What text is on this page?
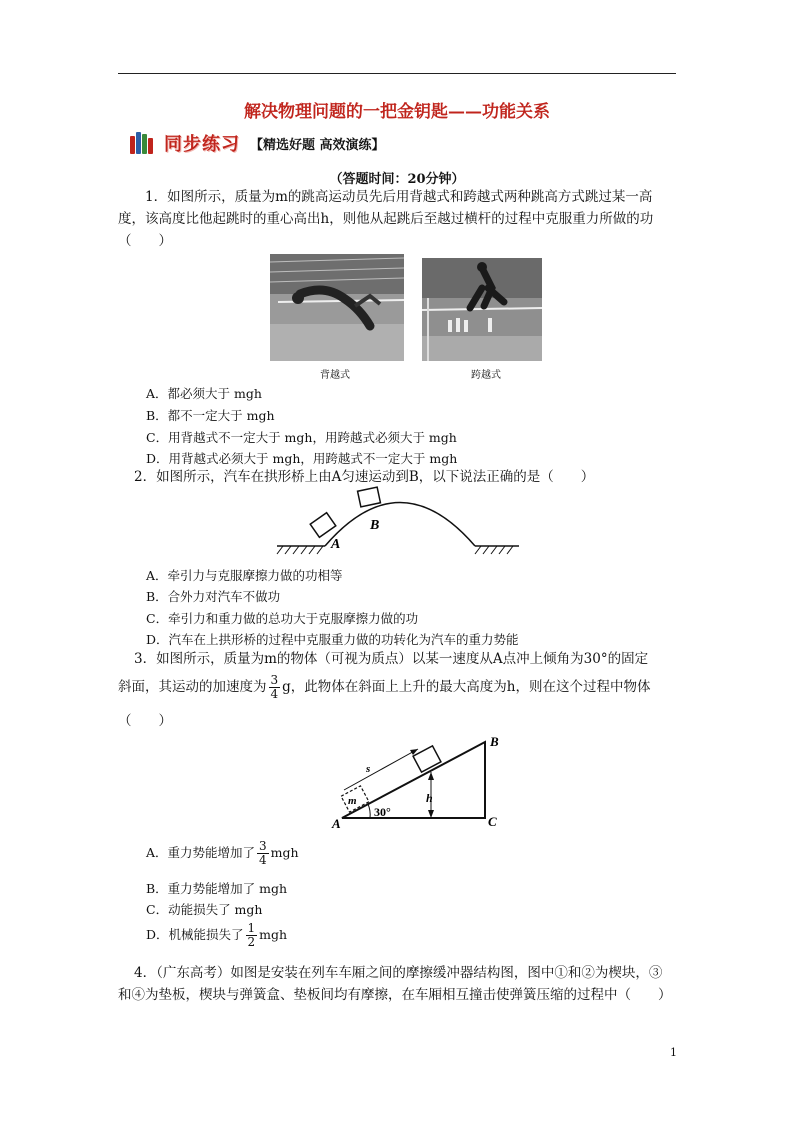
解决物理问题的一把金钥匙——功能关系
同步练习 【精选好题 高效演练】
（答题时间：20分钟）
1．如图所示，质量为m的跳高运动员先后用背越式和跨越式两种跳高方式跳过某一高度，该高度比他起跳时的重心高出h，则他从起跳后至越过横杆的过程中克服重力所做的功（　　）
背越式	跨越式
A．都必须大于 mgh
B．都不一定大于 mgh
C．用背越式不一定大于 mgh，用跨越式必须大于 mgh
D．用背越式必须大于 mgh，用跨越式不一定大于 mgh
2．如图所示，汽车在拱形桥上由A匀速运动到B，以下说法正确的是（　　）
A
B
A．牵引力与克服摩擦力做的功相等
B．合外力对汽车不做功
C．牵引力和重力做的总功大于克服摩擦力做的功
D．汽车在上拱形桥的过程中克服重力做的功转化为汽车的重力势能
3．如图所示，质量为m的物体（可视为质点）以某一速度从A点冲上倾角为30°的固定
斜面，其运动的加速度为 $\frac{3}{4}$ g，此物体在斜面上上升的最大高度为h，则在这个过程中物体
（　　）
A
B
C
m	h
s
30°
A．重力势能增加了 $\frac{3}{4}$ mgh
B．重力势能增加了 mgh
C．动能损失了 mgh
D．机械能损失了 $\frac{1}{2}$ mgh
4．（广东高考）如图是安装在列车车厢之间的摩擦缓冲器结构图，图中①和②为楔块，③
和④为垫板，楔块与弹簧盒、垫板间均有摩擦，在车厢相互撞击使弹簧压缩的过程中（　　）
1
